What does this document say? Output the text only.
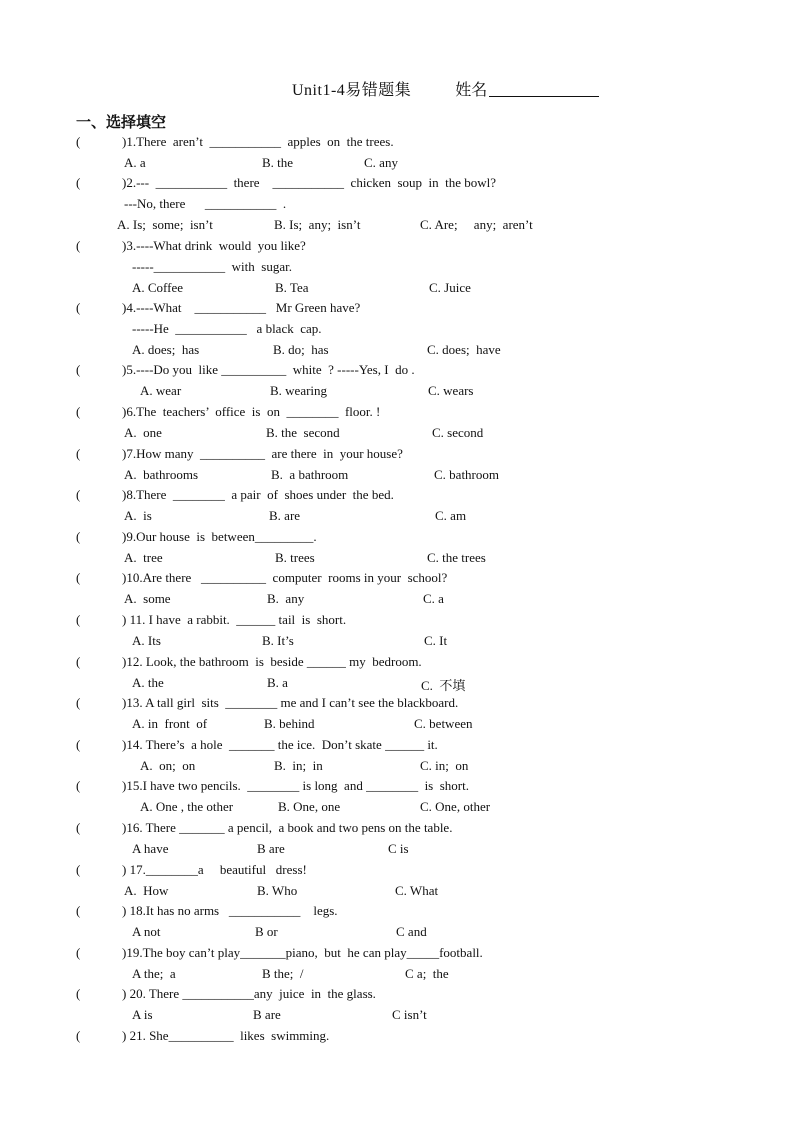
Unit1-4易错题集	姓名
一、选择填空
(	)1.There  aren’t  ___________  apples  on  the trees.
A. a	B. the	C. any
(	)2.---  ___________  there    ___________  chicken  soup  in  the bowl?
---No, there      ___________  .
A. Is;  some;  isn’t	B. Is;  any;  isn’t	C. Are;     any;  aren’t
(	)3.----What drink  would  you like?
-----___________  with  sugar.
A. Coffee	B. Tea	C. Juice
(	)4.----What    ___________   Mr Green have?
-----He  ___________   a black  cap.
A. does;  has	B. do;  has	C. does;  have
(	)5.----Do you  like __________  white  ? -----Yes, I  do .
A. wear	B. wearing	C. wears
(	)6.The  teachers’  office  is  on  ________  floor. !
A.  one	B. the  second	C. second
(	)7.How many  __________  are there  in  your house?
A.  bathrooms	B.  a bathroom	C. bathroom
(	)8.There  ________  a pair  of  shoes under  the bed.
A.  is	B. are	C. am
(	)9.Our house  is  between_________.
A.  tree	B. trees	C. the trees
(	)10.Are there   __________  computer  rooms in your  school?
A.  some	B.  any	C. a
(	) 11. I have  a rabbit.  ______ tail  is  short.
A. Its	B. It’s	C. It
(	)12. Look, the bathroom  is  beside ______ my  bedroom.
A. the	B. a	C.  不填
(	)13. A tall girl  sits  ________ me and I can’t see the blackboard.
A. in  front  of	B. behind	C. between
(	)14. There’s  a hole  _______ the ice.  Don’t skate ______ it.
A.  on;  on	B.  in;  in	C. in;  on
(	)15.I have two pencils.  ________ is long  and ________  is  short.
A. One , the other	B. One, one	C. One, other
(	)16. There _______ a pencil,  a book and two pens on the table.
A have	B are	C is
(	) 17.________a     beautiful   dress!
A.  How	B. Who	C. What
(	) 18.It has no arms   ___________    legs.
A not	B or	C and
(	)19.The boy can’t play_______piano,  but  he can play_____football.
A the;  a	B the;  /	C a;  the
(	) 20. There ___________any  juice  in  the glass.
A is	B are	C isn’t
(	) 21. She__________  likes  swimming.
